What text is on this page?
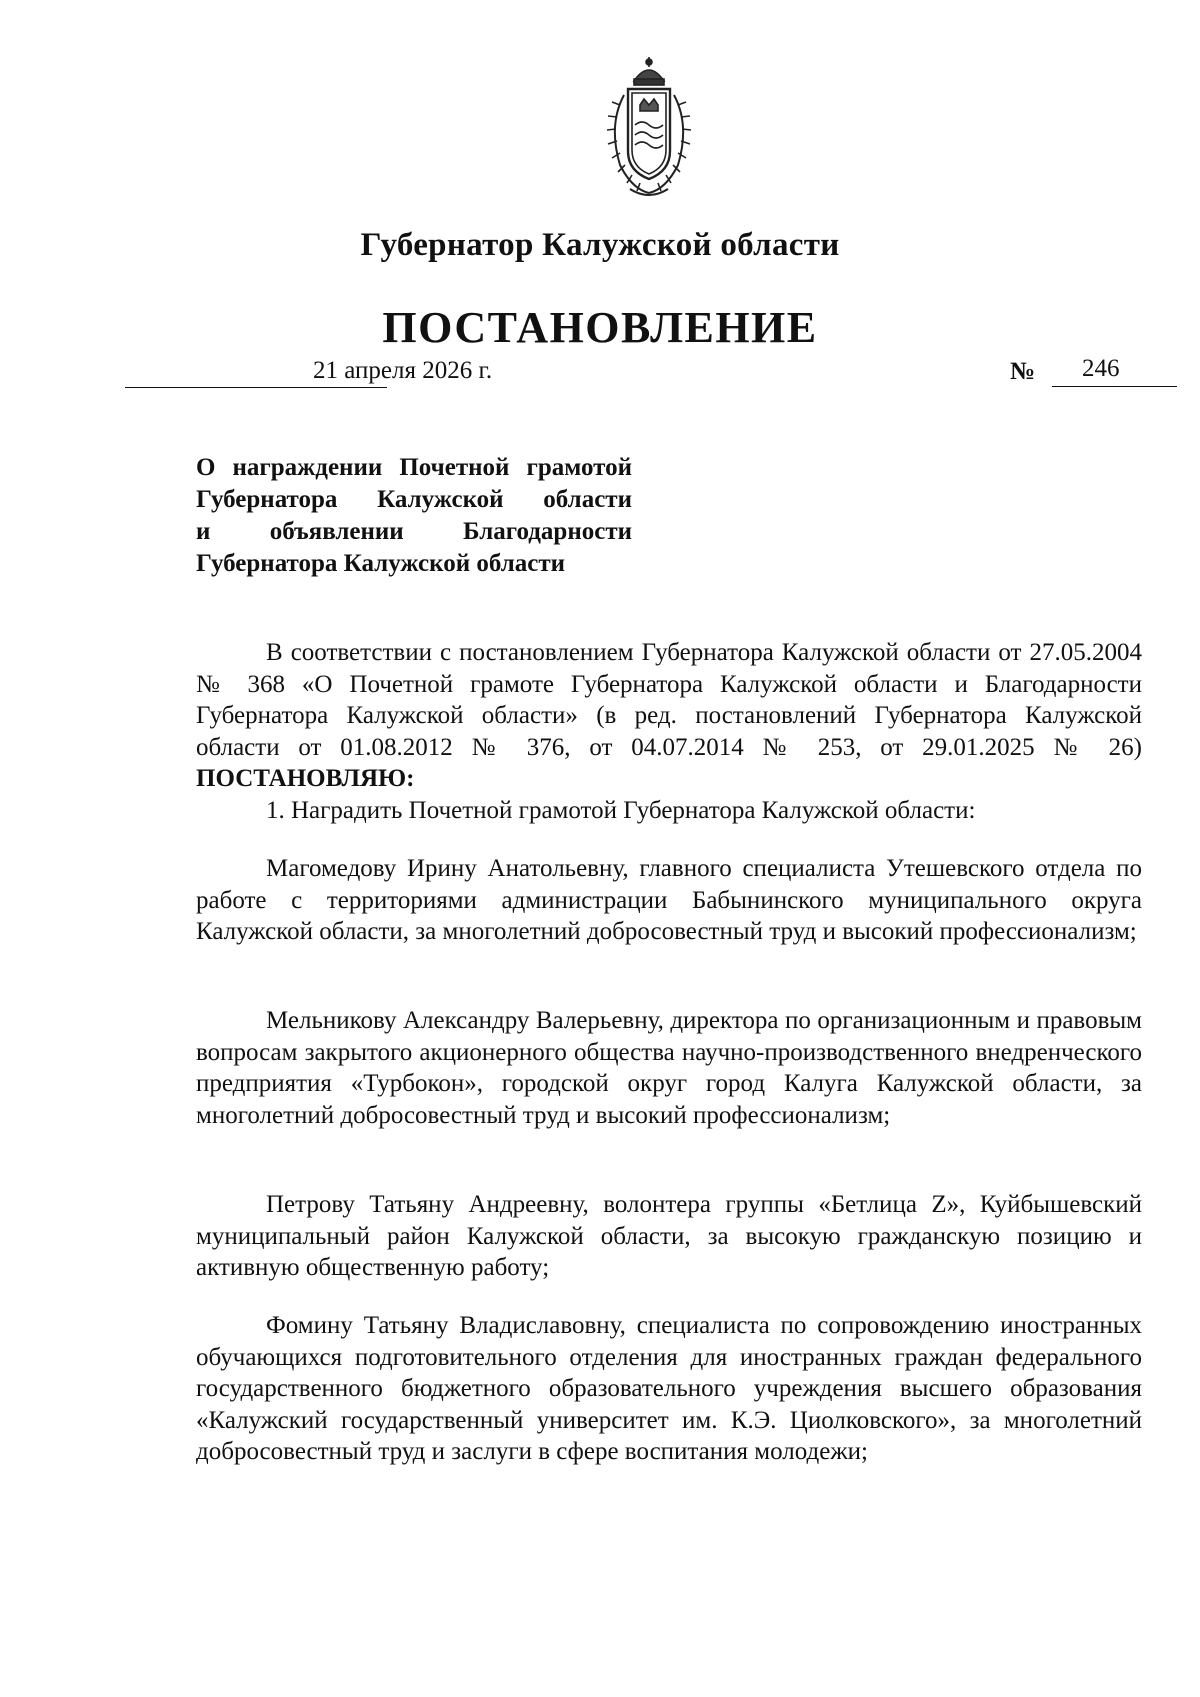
Губернатор Калужской области
ПОСТАНОВЛЕНИЕ
21 апреля 2026 г.	№ 246
О награждении Почетной грамотой
Губернатора Калужской области
и объявлении Благодарности
Губернатора Калужской области

В соответствии с постановлением Губернатора Калужской области от 27.05.2004 № 368 «О Почетной грамоте Губернатора Калужской области и Благодарности Губернатора Калужской области» (в ред. постановлений Губернатора Калужской области от 01.08.2012 № 376, от 04.07.2014 № 253, от 29.01.2025 № 26) ПОСТАНОВЛЯЮ:

1. Наградить Почетной грамотой Губернатора Калужской области:

Магомедову Ирину Анатольевну, главного специалиста Утешевского отдела по работе с территориями администрации Бабынинского муниципального округа Калужской области, за многолетний добросовестный труд и высокий профессионализм;

Мельникову Александру Валерьевну, директора по организационным и правовым вопросам закрытого акционерного общества научно-производственного внедренческого предприятия «Турбокон», городской округ город Калуга Калужской области, за многолетний добросовестный труд и высокий профессионализм;

Петрову Татьяну Андреевну, волонтера группы «Бетлица Z», Куйбышевский муниципальный район Калужской области, за высокую гражданскую позицию и активную общественную работу;

Фомину Татьяну Владиславовну, специалиста по сопровождению иностранных обучающихся подготовительного отделения для иностранных граждан федерального государственного бюджетного образовательного учреждения высшего образования «Калужский государственный университет им. К.Э. Циолковского», за многолетний добросовестный труд и заслуги в сфере воспитания молодежи;
